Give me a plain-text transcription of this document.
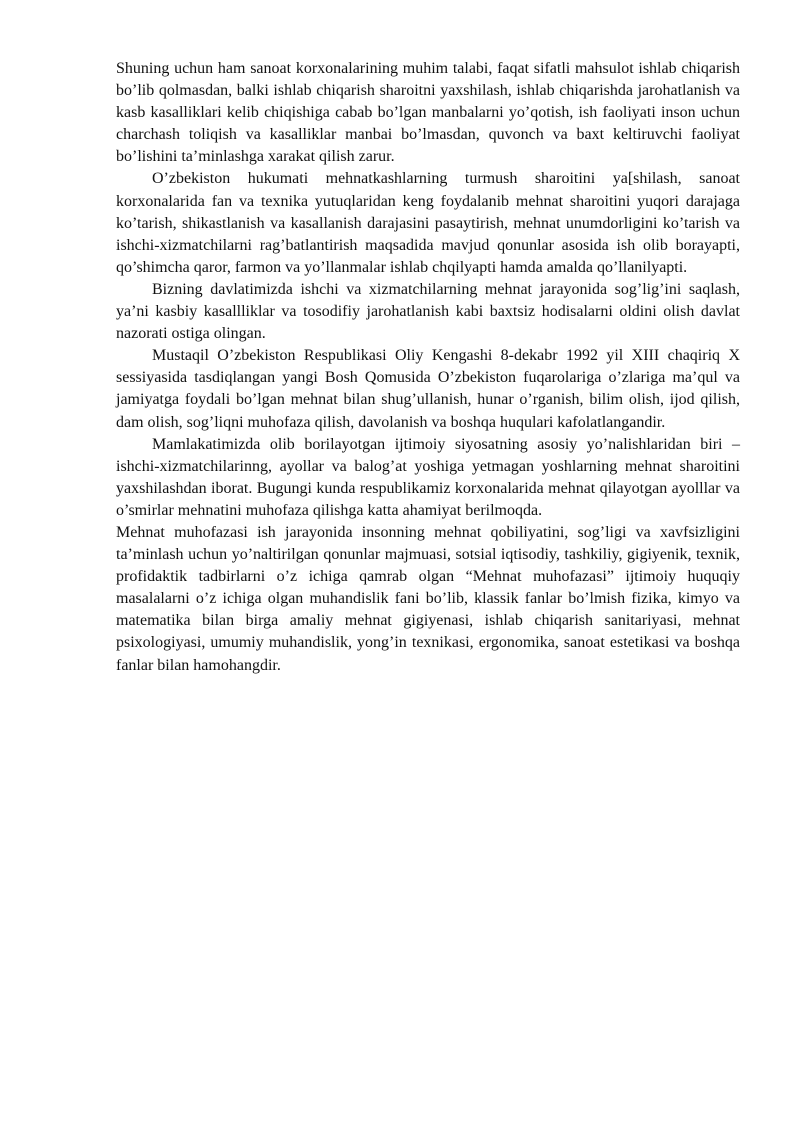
Shuning uchun ham sanoat korxonalarining muhim talabi, faqat sifatli mahsulot ishlab chiqarish bo’lib qolmasdan, balki ishlab chiqarish sharoitni yaxshilash, ishlab chiqarishda jarohatlanish va kasb kasalliklari kelib chiqishiga cabab bo’lgan manbalarni yo’qotish, ish faoliyati inson uchun charchash toliqish va kasalliklar manbai bo’lmasdan, quvonch va baxt keltiruvchi faoliyat bo’lishini ta’minlashga xarakat qilish zarur.

O’zbekiston hukumati mehnatkashlarning turmush sharoitini ya[shilash, sanoat korxonalarida fan va texnika yutuqlaridan keng foydalanib mehnat sharoitini yuqori darajaga ko’tarish, shikastlanish va kasallanish darajasini pasaytirish, mehnat unumdorligini ko’tarish va ishchi-xizmatchilarni rag’batlantirish maqsadida mavjud qonunlar asosida ish olib borayapti, qo’shimcha qaror, farmon va yo’llanmalar ishlab chqilyapti hamda amalda qo’llanilyapti.

Bizning davlatimizda ishchi va xizmatchilarning mehnat jarayonida sog’lig’ini saqlash, ya’ni kasbiy kasallliklar va tosodifiy jarohatlanish kabi baxtsiz hodisalarni oldini olish davlat nazorati ostiga olingan.

Mustaqil O’zbekiston Respublikasi Oliy Kengashi 8-dekabr 1992 yil XIII chaqiriq X sessiyasida tasdiqlangan yangi Bosh Qomusida O’zbekiston fuqarolariga o’zlariga ma’qul va jamiyatga foydali bo’lgan mehnat bilan shug’ullanish, hunar o’rganish, bilim olish, ijod qilish, dam olish, sog’liqni muhofaza qilish, davolanish va boshqa huqulari kafolatlangandir.

Mamlakatimizda olib borilayotgan ijtimoiy siyosatning asosiy yo’nalishlaridan biri – ishchi-xizmatchilarinng, ayollar va balog’at yoshiga yetmagan yoshlarning mehnat sharoitini yaxshilashdan iborat. Bugungi kunda respublikamiz korxonalarida mehnat qilayotgan ayolllar va o’smirlar mehnatini muhofaza qilishga katta ahamiyat berilmoqda.

Mehnat muhofazasi ish jarayonida insonning mehnat qobiliyatini, sog’ligi va xavfsizligini ta’minlash uchun yo’naltirilgan qonunlar majmuasi, sotsial iqtisodiy, tashkiliy, gigiyenik, texnik, profidaktik tadbirlarni o’z ichiga qamrab olgan “Mehnat muhofazasi” ijtimoiy huquqiy masalalarni o’z ichiga olgan muhandislik fani bo’lib, klassik fanlar bo’lmish fizika, kimyo va matematika bilan birga amaliy mehnat gigiyenasi, ishlab chiqarish sanitariyasi, mehnat psixologiyasi, umumiy muhandislik, yong’in texnikasi, ergonomika, sanoat estetikasi va boshqa fanlar bilan hamohangdir.
